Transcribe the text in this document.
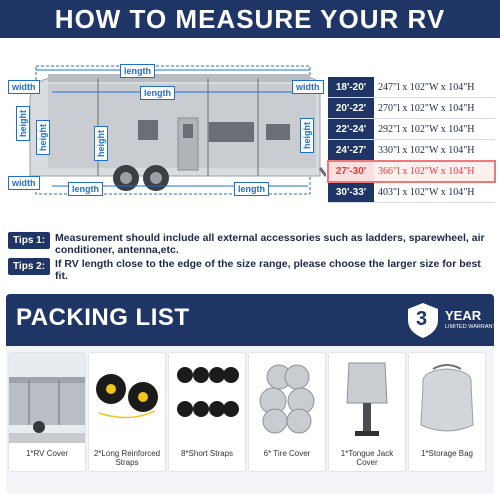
HOW TO MEASURE YOUR RV
length
length
length	length
width
width
width
height
height	height	height
18'-20'	247"l x 102"W x 104"H
20'-22'	270"l x 102"W x 104"H
22'-24'	292"l x 102"W x 104"H
24'-27'	330"l x 102"W x 104"H
27'-30'	366"l x 102"W x 104"H
30'-33'	403"l x 102"W x 104"H
Tips 1: Measurement should include all external accessories such as ladders, sparewheel, air conditioner, antenna,etc.
Tips 2: If RV length close to the edge of the size range, please choose the larger size for best fit.
PACKING LIST	3 YEAR
LIMITED WARRANTY
1*RV Cover	2*Long Reinforced Straps
8*Short Straps	6* Tire Cover	1*Tongue Jack Cover
1*Storage Bag
